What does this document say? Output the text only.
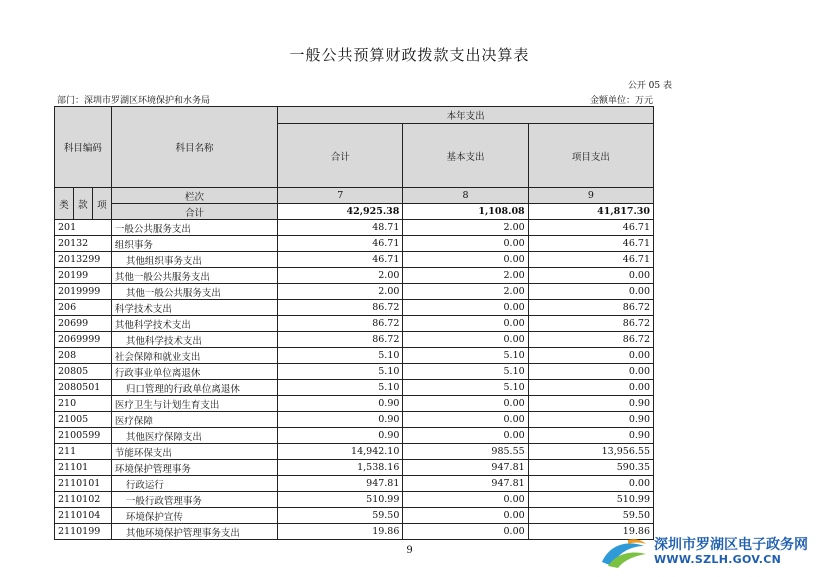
一般公共预算财政拨款支出决算表
公开 05 表
部门：深圳市罗湖区环境保护和水务局	金额单位：万元
科目编码			科目名称	本年支出		
				合计	基本支出	项目支出
类	款	项	栏次	7	8	9
			合计	42,925.38	1,108.08	41,817.30
201			一般公共服务支出	48.71	2.00	46.71
20132			组织事务	46.71	0.00	46.71
2013299			其他组织事务支出	46.71	0.00	46.71
20199			其他一般公共服务支出	2.00	2.00	0.00
2019999			其他一般公共服务支出	2.00	2.00	0.00
206			科学技术支出	86.72	0.00	86.72
20699			其他科学技术支出	86.72	0.00	86.72
2069999			其他科学技术支出	86.72	0.00	86.72
208			社会保障和就业支出	5.10	5.10	0.00
20805			行政事业单位离退休	5.10	5.10	0.00
2080501			归口管理的行政单位离退休	5.10	5.10	0.00
210			医疗卫生与计划生育支出	0.90	0.00	0.90
21005			医疗保障	0.90	0.00	0.90
2100599			其他医疗保障支出	0.90	0.00	0.90
211			节能环保支出	14,942.10	985.55	13,956.55
21101			环境保护管理事务	1,538.16	947.81	590.35
2110101			行政运行	947.81	947.81	0.00
2110102			一般行政管理事务	510.99	0.00	510.99
2110104			环境保护宣传	59.50	0.00	59.50
2110199			其他环境保护管理事务支出	19.86	0.00	19.86
9	深圳市罗湖区电子政务网
WWW.SZLH.GOV.CN
